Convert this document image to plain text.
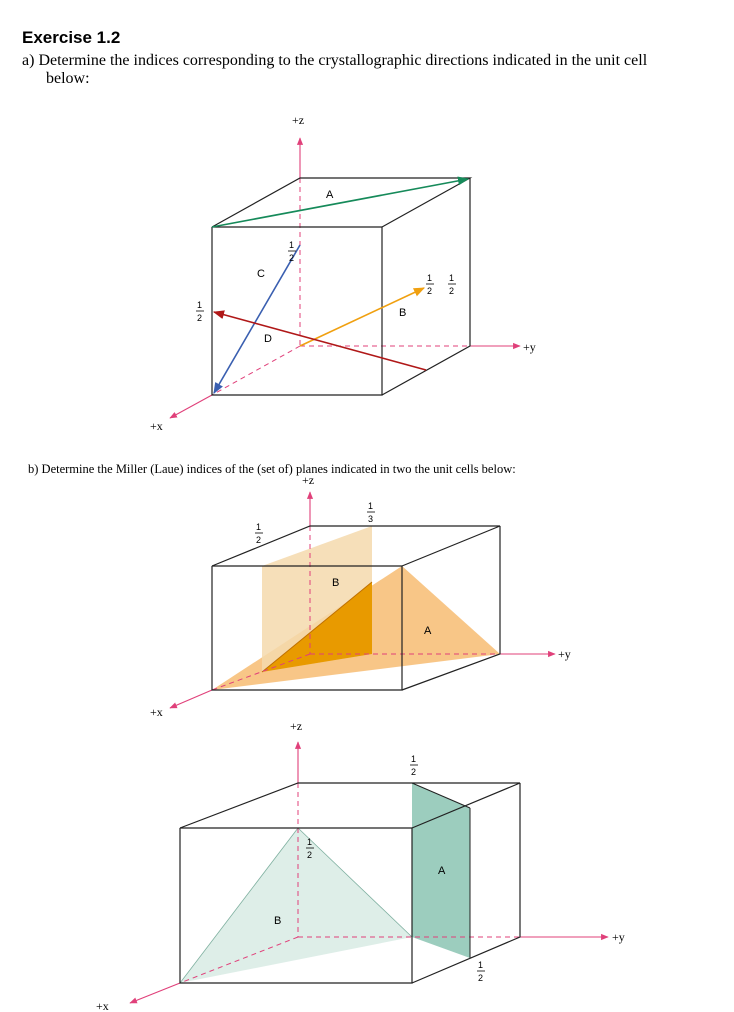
Exercise 1.2
a) Determine the indices corresponding to the crystallographic directions indicated in the unit cell
below:
b) Determine the Miller (Laue) indices of the (set of) planes indicated in two the unit cells below:
+z
+y
+x
A
B
C
D
1
2
1
2
1
2
1
2
+z
+y
+x
B
A
1
2
1
3
+z
+y
+x
A
B
1
2
1
2
1
2
